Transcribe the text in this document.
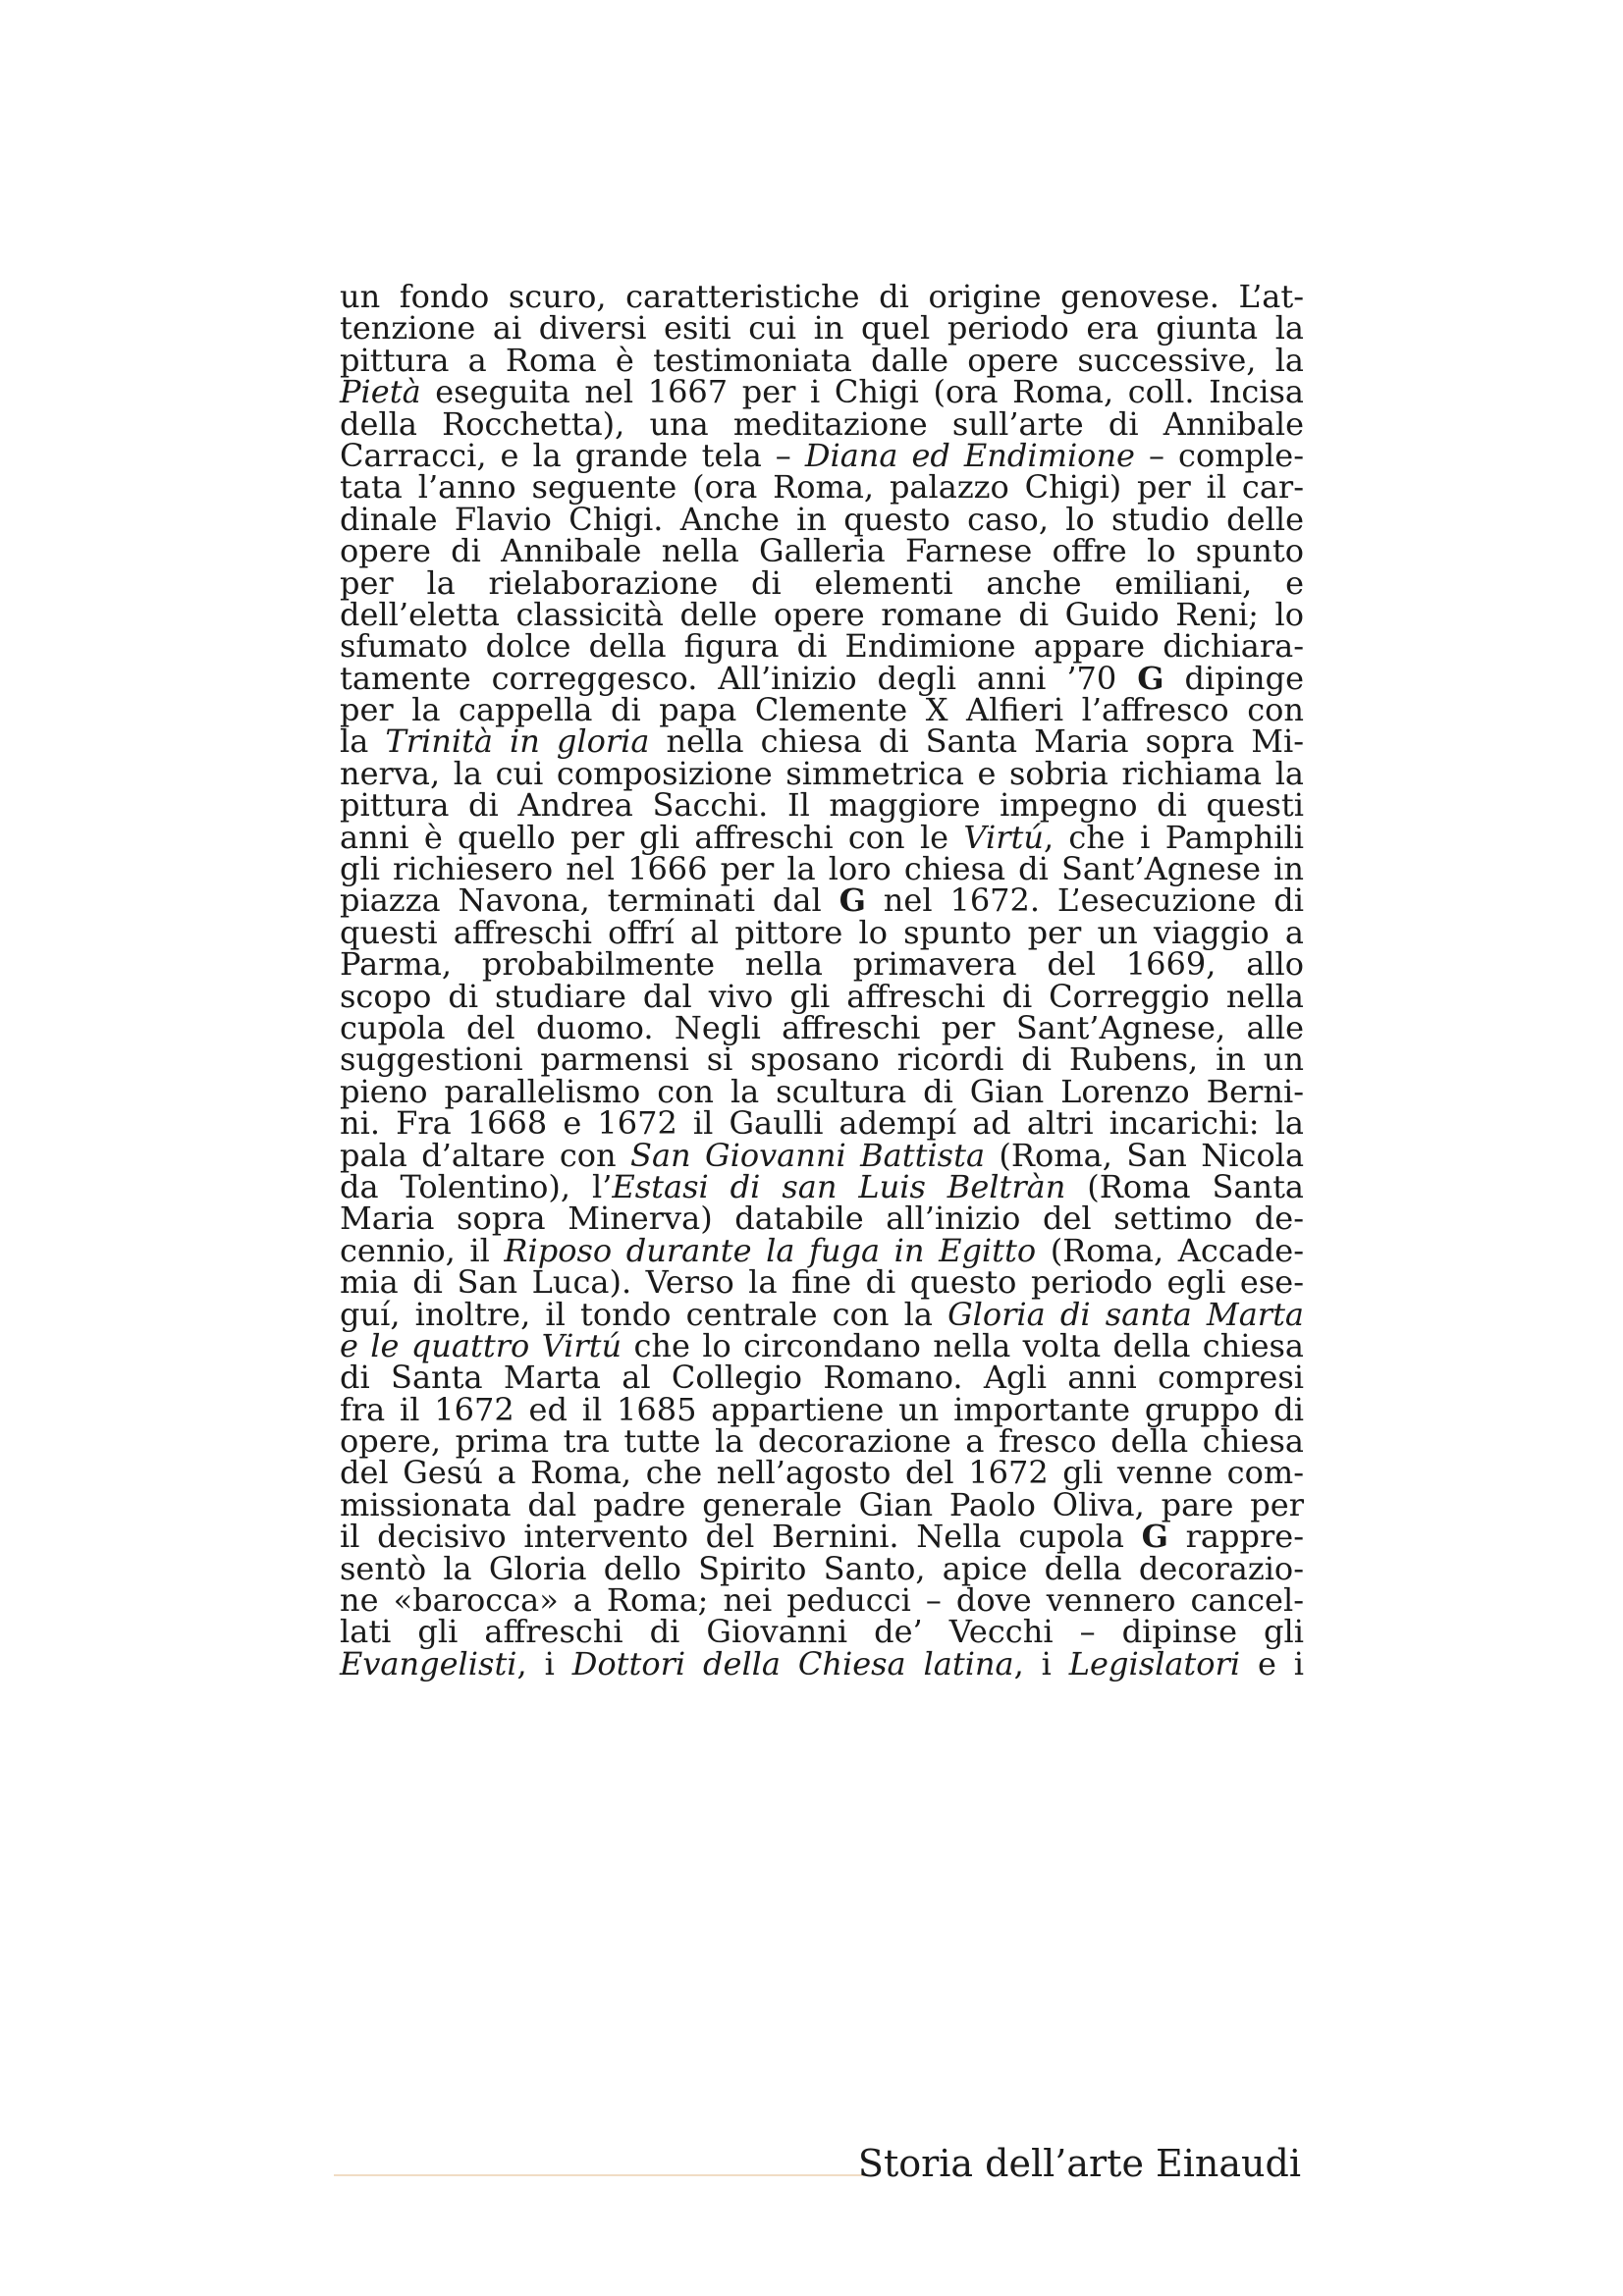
un fondo scuro, caratteristiche di origine genovese. L’at-
tenzione ai diversi esiti cui in quel periodo era giunta la
pittura a Roma è testimoniata dalle opere successive, la
Pietà eseguita nel 1667 per i Chigi (ora Roma, coll. Incisa
della Rocchetta), una meditazione sull’arte di Annibale
Carracci, e la grande tela – Diana ed Endimione – comple-
tata l’anno seguente (ora Roma, palazzo Chigi) per il car-
dinale Flavio Chigi. Anche in questo caso, lo studio delle
opere di Annibale nella Galleria Farnese offre lo spunto
per la rielaborazione di elementi anche emiliani, e
dell’eletta classicità delle opere romane di Guido Reni; lo
sfumato dolce della figura di Endimione appare dichiara-
tamente correggesco. All’inizio degli anni ’70 G dipinge
per la cappella di papa Clemente X Alfieri l’affresco con
la Trinità in gloria nella chiesa di Santa Maria sopra Mi-
nerva, la cui composizione simmetrica e sobria richiama la
pittura di Andrea Sacchi. Il maggiore impegno di questi
anni è quello per gli affreschi con le Virtú, che i Pamphili
gli richiesero nel 1666 per la loro chiesa di Sant’Agnese in
piazza Navona, terminati dal G nel 1672. L’esecuzione di
questi affreschi offrí al pittore lo spunto per un viaggio a
Parma, probabilmente nella primavera del 1669, allo
scopo di studiare dal vivo gli affreschi di Correggio nella
cupola del duomo. Negli affreschi per Sant’Agnese, alle
suggestioni parmensi si sposano ricordi di Rubens, in un
pieno parallelismo con la scultura di Gian Lorenzo Berni-
ni. Fra 1668 e 1672 il Gaulli adempí ad altri incarichi: la
pala d’altare con San Giovanni Battista (Roma, San Nicola
da Tolentino), l’Estasi di san Luis Beltràn (Roma Santa
Maria sopra Minerva) databile all’inizio del settimo de-
cennio, il Riposo durante la fuga in Egitto (Roma, Accade-
mia di San Luca). Verso la fine di questo periodo egli ese-
guí, inoltre, il tondo centrale con la Gloria di santa Marta
e le quattro Virtú che lo circondano nella volta della chiesa
di Santa Marta al Collegio Romano. Agli anni compresi
fra il 1672 ed il 1685 appartiene un importante gruppo di
opere, prima tra tutte la decorazione a fresco della chiesa
del Gesú a Roma, che nell’agosto del 1672 gli venne com-
missionata dal padre generale Gian Paolo Oliva, pare per
il decisivo intervento del Bernini. Nella cupola G rappre-
sentò la Gloria dello Spirito Santo, apice della decorazio-
ne «barocca» a Roma; nei peducci – dove vennero cancel-
lati gli affreschi di Giovanni de’ Vecchi – dipinse gli
Evangelisti, i Dottori della Chiesa latina, i Legislatori e i
Storia dell’arte Einaudi
